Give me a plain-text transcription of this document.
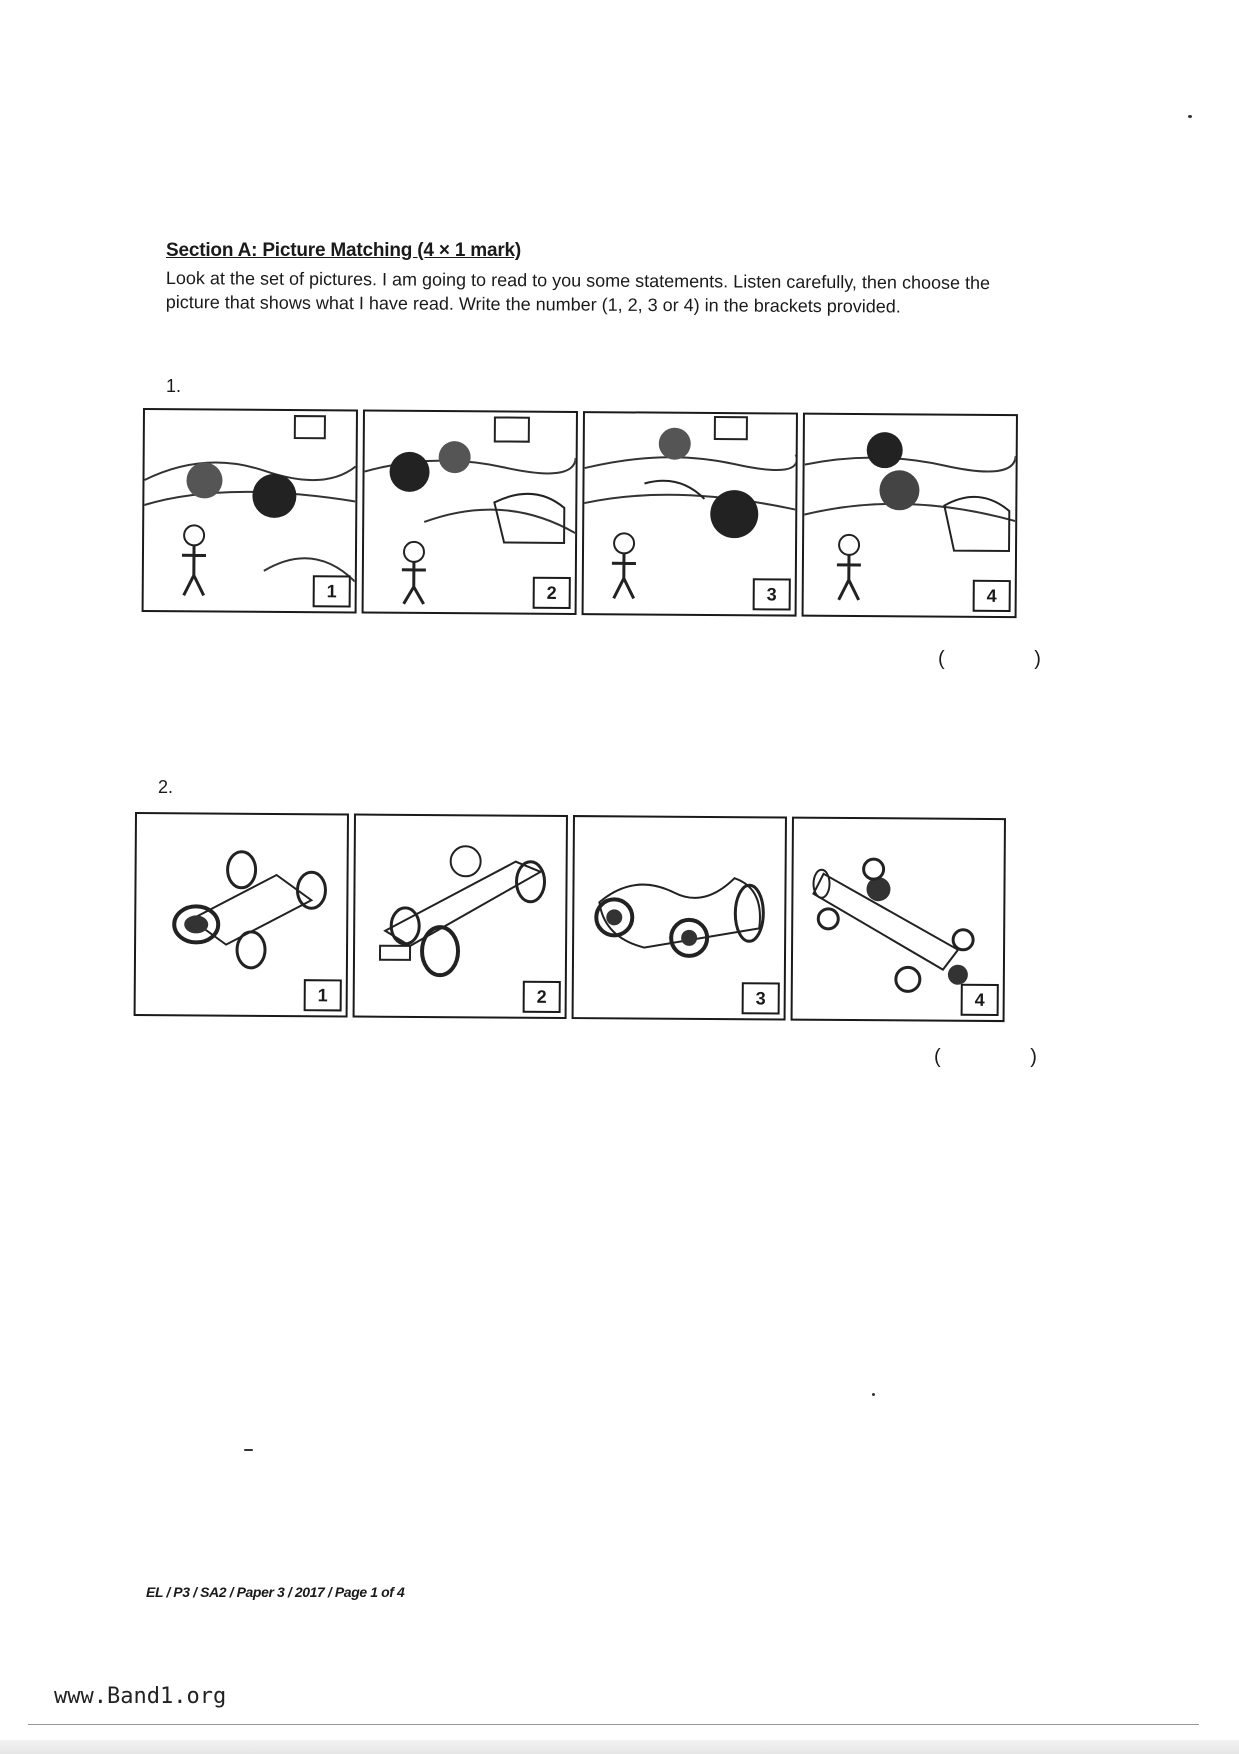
Section A: Picture Matching (4 × 1 mark)
Look at the set of pictures. I am going to read to you some statements. Listen carefully, then choose the picture that shows what I have read. Write the number (1, 2, 3 or 4) in the brackets provided.
1.
1	2	3	4
( )
2.
1	2	3	4
( )
EL / P3 / SA2 / Paper 3 / 2017 / Page 1 of 4
www.Band1.org
